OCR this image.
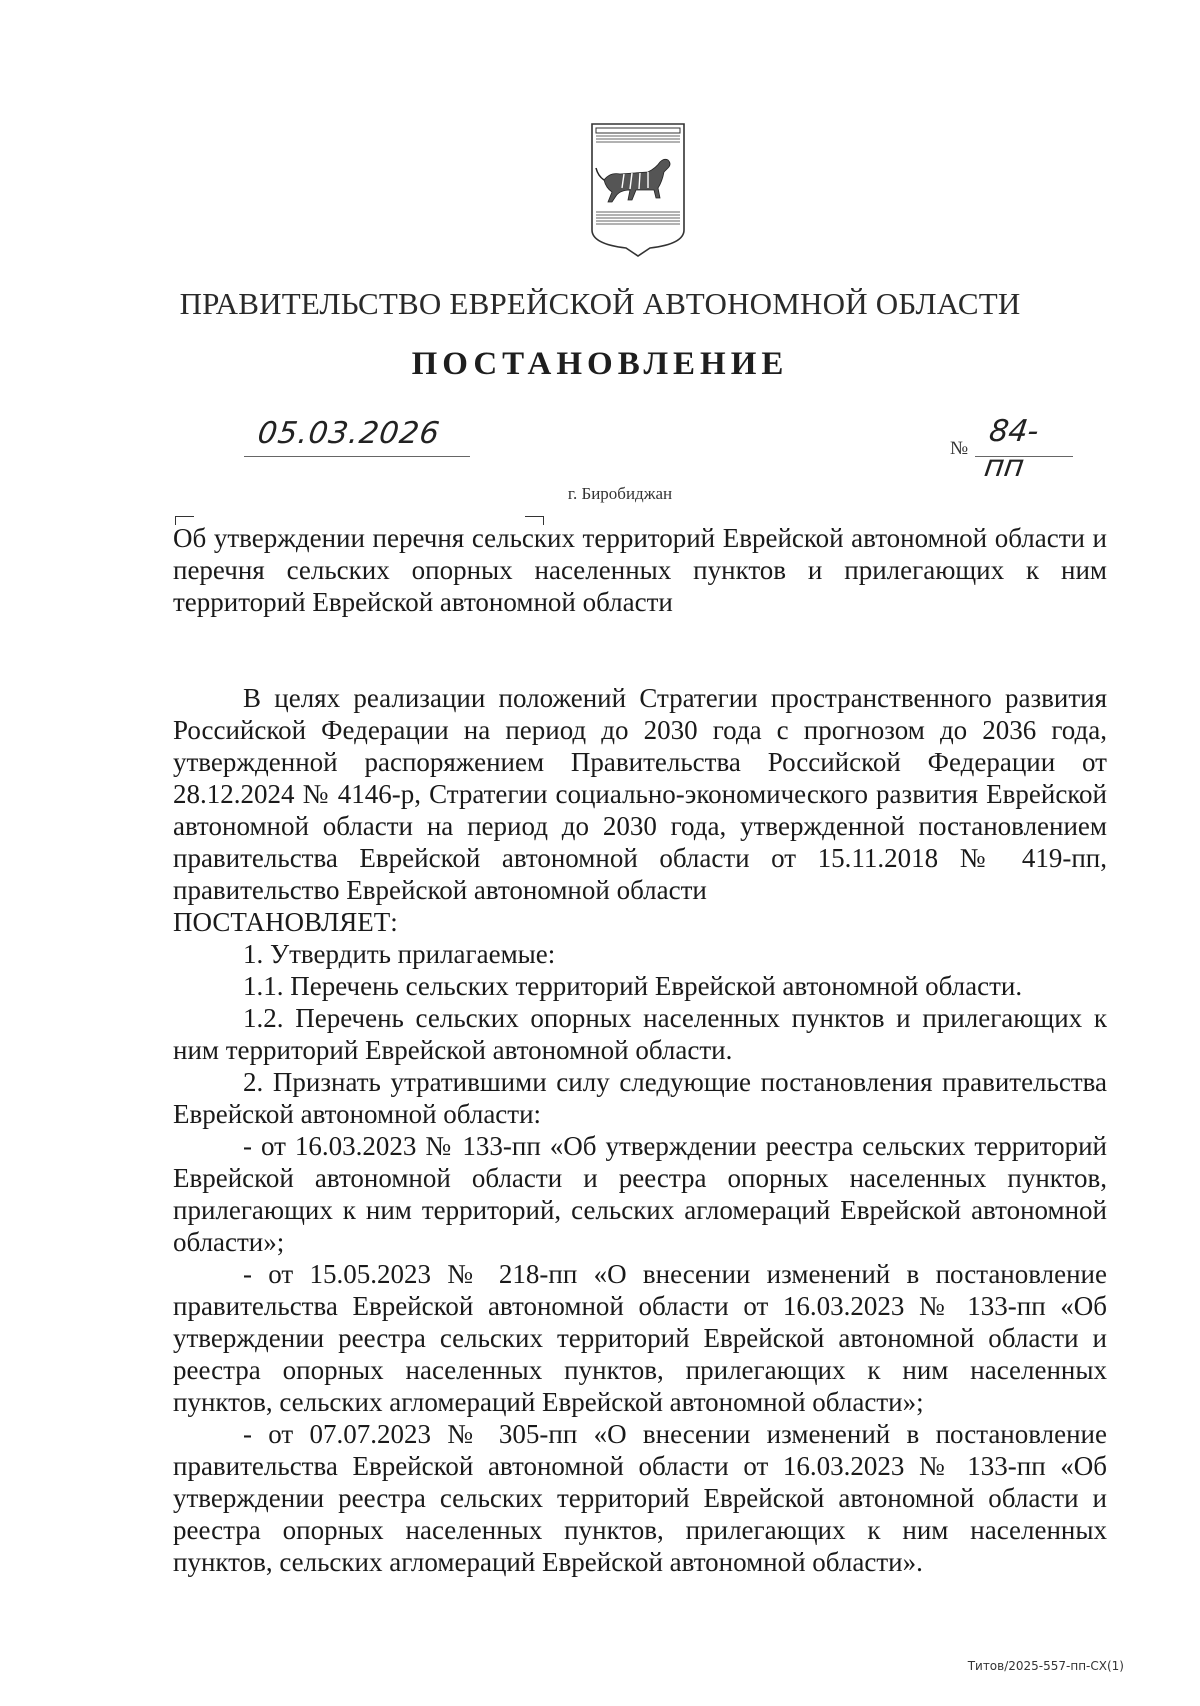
ПРАВИТЕЛЬСТВО ЕВРЕЙСКОЙ АВТОНОМНОЙ ОБЛАСТИ
ПОСТАНОВЛЕНИЕ
05.03.2026	№ 84-пп
г. Биробиджан
Об утверждении перечня сельских территорий Еврейской автономной области и перечня сельских опорных населенных пунктов и прилегающих к ним территорий Еврейской автономной области

В целях реализации положений Стратегии пространственного развития Российской Федерации на период до 2030 года с прогнозом до 2036 года, утвержденной распоряжением Правительства Российской Федерации от 28.12.2024 № 4146-р, Стратегии социально-экономического развития Еврейской автономной области на период до 2030 года, утвержденной постановлением правительства Еврейской автономной области от 15.11.2018 № 419-пп, правительство Еврейской автономной области

ПОСТАНОВЛЯЕТ:

1. Утвердить прилагаемые:

1.1. Перечень сельских территорий Еврейской автономной области.

1.2. Перечень сельских опорных населенных пунктов и прилегающих к ним территорий Еврейской автономной области.

2. Признать утратившими силу следующие постановления правительства Еврейской автономной области:

- от 16.03.2023 № 133-пп «Об утверждении реестра сельских территорий Еврейской автономной области и реестра опорных населенных пунктов, прилегающих к ним территорий, сельских агломераций Еврейской автономной области»;

- от 15.05.2023 № 218-пп «О внесении изменений в постановление правительства Еврейской автономной области от 16.03.2023 № 133-пп «Об утверждении реестра сельских территорий Еврейской автономной области и реестра опорных населенных пунктов, прилегающих к ним населенных пунктов, сельских агломераций Еврейской автономной области»;

- от 07.07.2023 № 305-пп «О внесении изменений в постановление правительства Еврейской автономной области от 16.03.2023 № 133-пп «Об утверждении реестра сельских территорий Еврейской автономной области и реестра опорных населенных пунктов, прилегающих к ним населенных пунктов, сельских агломераций Еврейской автономной области».

Титов/2025-557-пп-СХ(1)
